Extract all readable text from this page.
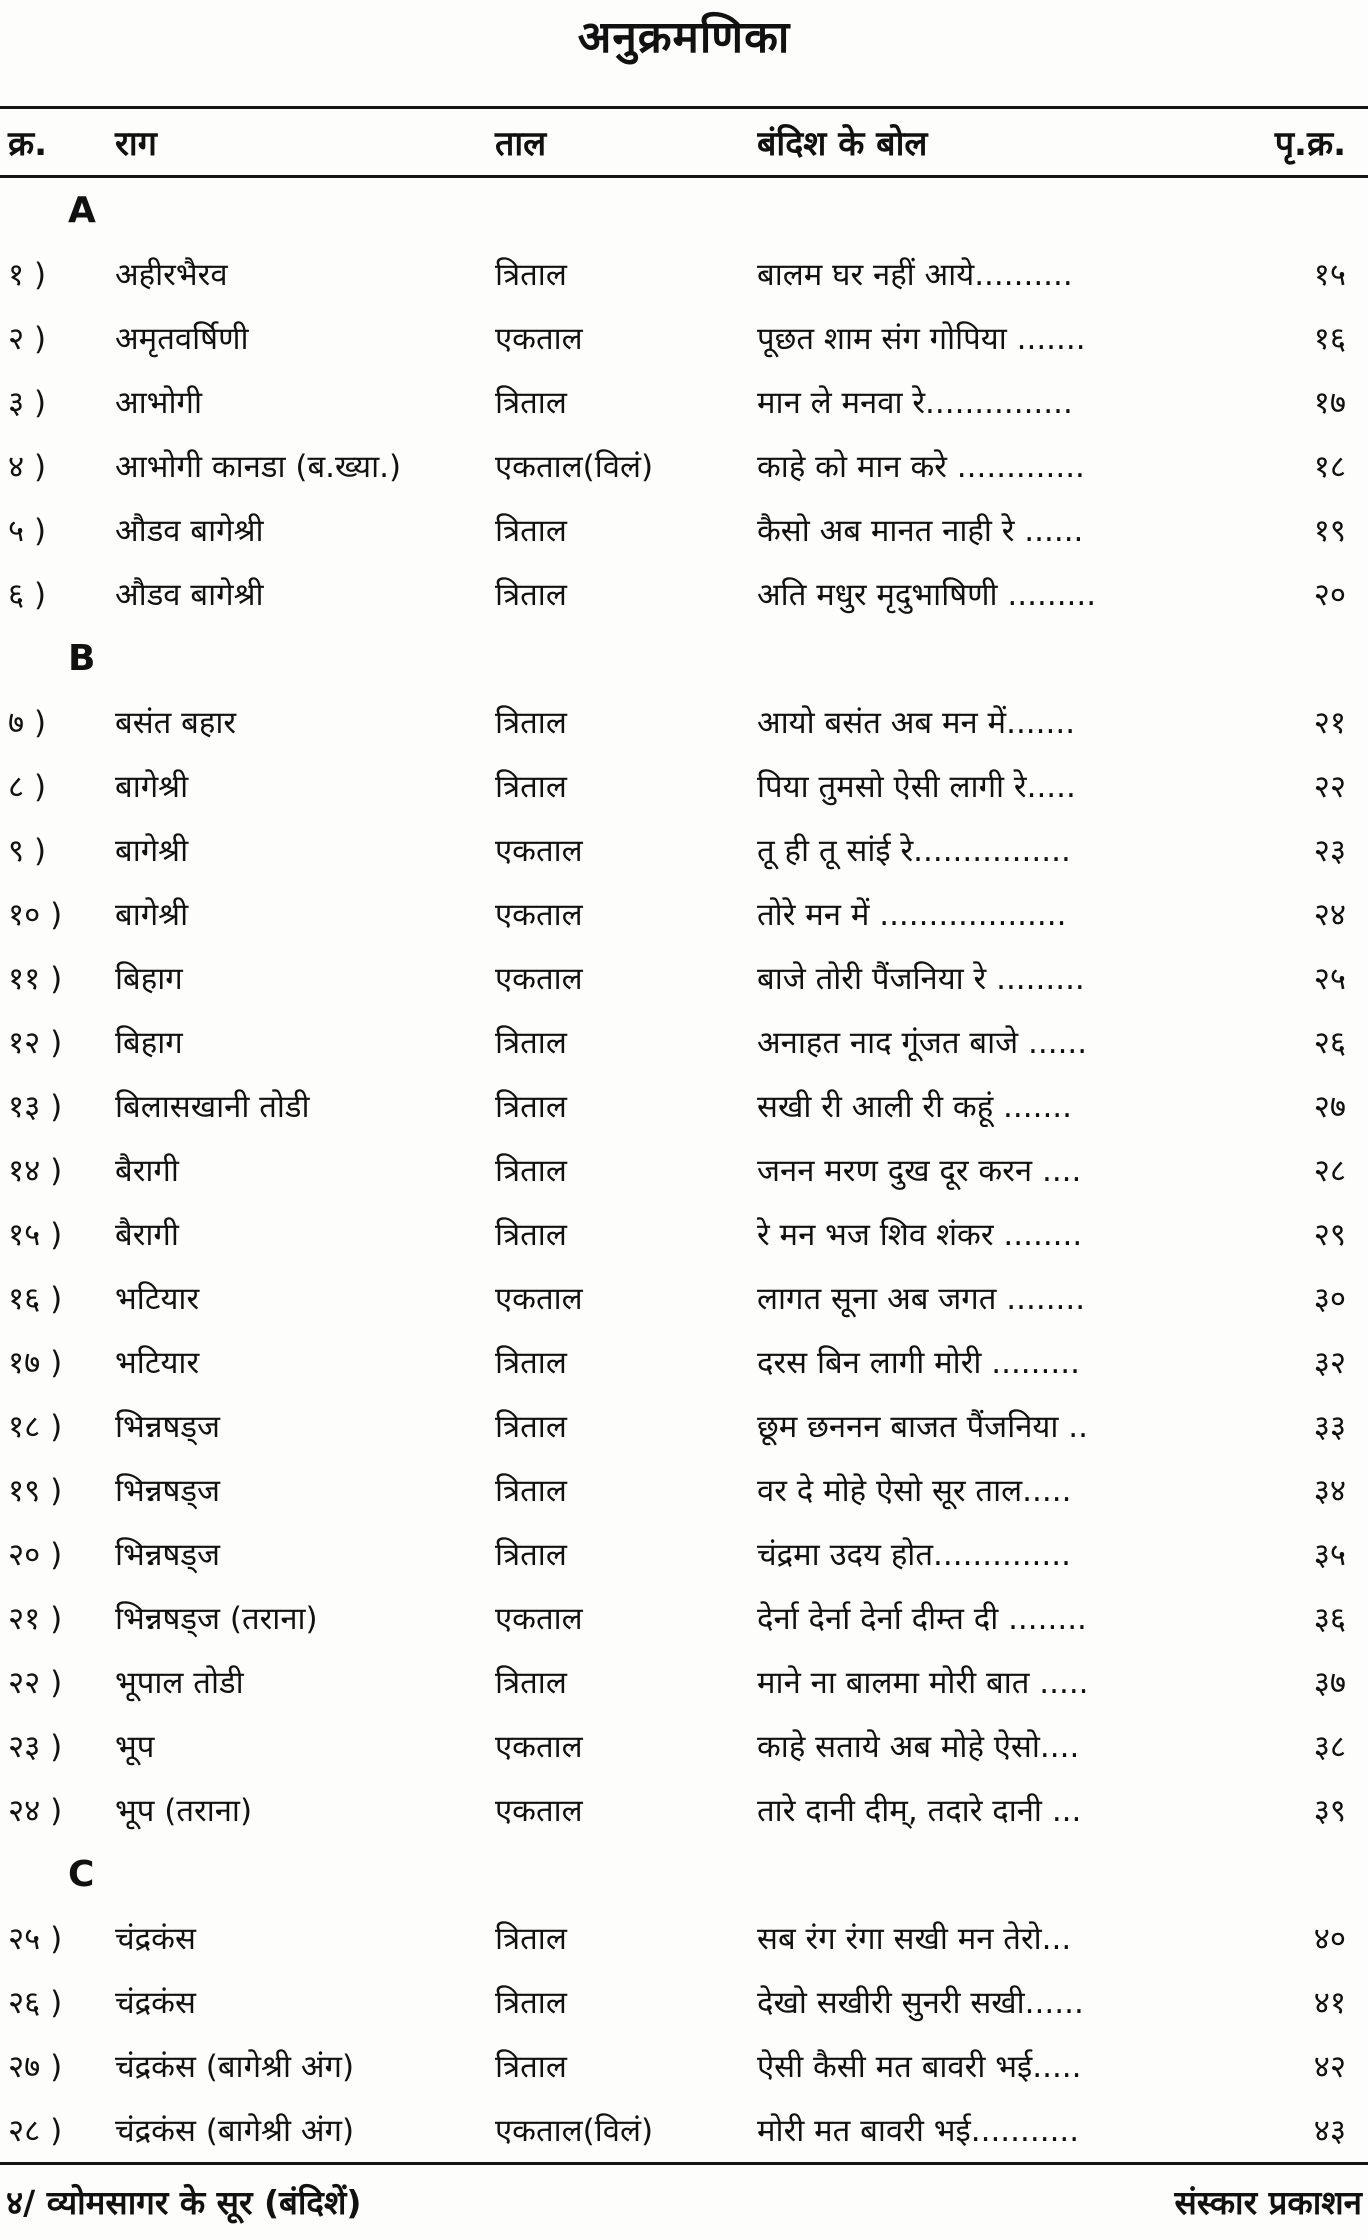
अनुक्रमणिका
क्र.	राग	ताल	बंदिश के बोल	पृ.क्र.
A
१ )	अहीरभैरव	त्रिताल	बालम घर नहीं आये..........	१५
२ )	अमृतवर्षिणी	एकताल	पूछत शाम संग गोपिया .......	१६
३ )	आभोगी	त्रिताल	मान ले मनवा रे...............	१७
४ )	आभोगी कानडा (ब.ख्या.)	एकताल(विलं)	काहे को मान करे .............	१८
५ )	औडव बागेश्री	त्रिताल	कैसो अब मानत नाही रे ......	१९
६ )	औडव बागेश्री	त्रिताल	अति मधुर मृदुभाषिणी .........	२०
B
७ )	बसंत बहार	त्रिताल	आयो बसंत अब मन में.......	२१
८ )	बागेश्री	त्रिताल	पिया तुमसो ऐसी लागी रे.....	२२
९ )	बागेश्री	एकताल	तू ही तू सांई रे................	२३
१० )	बागेश्री	एकताल	तोरे मन में ...................	२४
११ )	बिहाग	एकताल	बाजे तोरी पैंजनिया रे .........	२५
१२ )	बिहाग	त्रिताल	अनाहत नाद गूंजत बाजे ......	२६
१३ )	बिलासखानी तोडी	त्रिताल	सखी री आली री कहूं .......	२७
१४ )	बैरागी	त्रिताल	जनन मरण दुख दूर करन ....	२८
१५ )	बैरागी	त्रिताल	रे मन भज शिव शंकर ........	२९
१६ )	भटियार	एकताल	लागत सूना अब जगत ........	३०
१७ )	भटियार	त्रिताल	दरस बिन लागी मोरी .........	३२
१८ )	भिन्नषड्ज	त्रिताल	छूम छननन बाजत पैंजनिया ..	३३
१९ )	भिन्नषड्ज	त्रिताल	वर दे मोहे ऐसो सूर ताल.....	३४
२० )	भिन्नषड्ज	त्रिताल	चंद्रमा उदय होत..............	३५
२१ )	भिन्नषड्ज (तराना)	एकताल	देर्ना देर्ना देर्ना दीम्त दी ........	३६
२२ )	भूपाल तोडी	त्रिताल	माने ना बालमा मोरी बात .....	३७
२३ )	भूप	एकताल	काहे सताये अब मोहे ऐसो....	३८
२४ )	भूप (तराना)	एकताल	तारे दानी दीम्, तदारे दानी ...	३९
C
२५ )	चंद्रकंस	त्रिताल	सब रंग रंगा सखी मन तेरो...	४०
२६ )	चंद्रकंस	त्रिताल	देखो सखीरी सुनरी सखी......	४१
२७ )	चंद्रकंस (बागेश्री अंग)	त्रिताल	ऐसी कैसी मत बावरी भई.....	४२
२८ )	चंद्रकंस (बागेश्री अंग)	एकताल(विलं)	मोरी मत बावरी भई...........	४३
४/ व्योमसागर के सूर (बंदिशें)	संस्कार प्रकाशन
